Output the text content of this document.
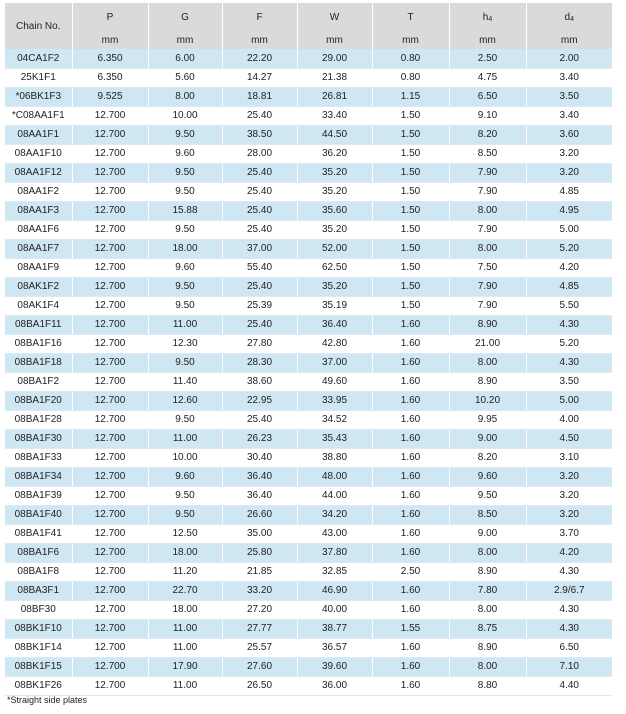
Chain No.	P	G	F	W	T	$h_4$	$d_4$
	mm	mm	mm	mm	mm	mm	mm
04CA1F2	6.350	6.00	22.20	29.00	0.80	2.50	2.00
25K1F1	6.350	5.60	14.27	21.38	0.80	4.75	3.40
*06BK1F3	9.525	8.00	18.81	26.81	1.15	6.50	3.50
*C08AA1F1	12.700	10.00	25.40	33.40	1.50	9.10	3.40
08AA1F1	12.700	9.50	38.50	44.50	1.50	8.20	3.60
08AA1F10	12.700	9.60	28.00	36.20	1.50	8.50	3.20
08AA1F12	12.700	9.50	25.40	35.20	1.50	7.90	3.20
08AA1F2	12.700	9.50	25.40	35.20	1.50	7.90	4.85
08AA1F3	12.700	15.88	25.40	35.60	1.50	8.00	4.95
08AA1F6	12.700	9.50	25.40	35.20	1.50	7.90	5.00
08AA1F7	12.700	18.00	37.00	52.00	1.50	8.00	5.20
08AA1F9	12.700	9.60	55.40	62.50	1.50	7.50	4.20
08AK1F2	12.700	9.50	25.40	35.20	1.50	7.90	4.85
08AK1F4	12.700	9.50	25.39	35.19	1.50	7.90	5.50
08BA1F11	12.700	11.00	25.40	36.40	1.60	8.90	4.30
08BA1F16	12.700	12.30	27.80	42.80	1.60	21.00	5.20
08BA1F18	12.700	9.50	28.30	37.00	1.60	8.00	4.30
08BA1F2	12.700	11.40	38.60	49.60	1.60	8.90	3.50
08BA1F20	12.700	12.60	22.95	33.95	1.60	10.20	5.00
08BA1F28	12.700	9.50	25.40	34.52	1.60	9.95	4.00
08BA1F30	12.700	11.00	26.23	35.43	1.60	9.00	4.50
08BA1F33	12.700	10.00	30.40	38.80	1.60	8.20	3.10
08BA1F34	12.700	9.60	36.40	48.00	1.60	9.60	3.20
08BA1F39	12.700	9.50	36.40	44.00	1.60	9.50	3.20
08BA1F40	12.700	9.50	26.60	34.20	1.60	8.50	3.20
08BA1F41	12.700	12.50	35.00	43.00	1.60	9.00	3.70
08BA1F6	12.700	18.00	25.80	37.80	1.60	8.00	4.20
08BA1F8	12.700	11.20	21.85	32.85	2.50	8.90	4.30
08BA3F1	12.700	22.70	33.20	46.90	1.60	7.80	2.9/6.7
08BF30	12.700	18.00	27.20	40.00	1.60	8.00	4.30
08BK1F10	12.700	11.00	27.77	38.77	1.55	8.75	4.30
08BK1F14	12.700	11.00	25.57	36.57	1.60	8.90	6.50
08BK1F15	12.700	17.90	27.60	39.60	1.60	8.00	7.10
08BK1F26	12.700	11.00	26.50	36.00	1.60	8.80	4.40
*Straight side plates
